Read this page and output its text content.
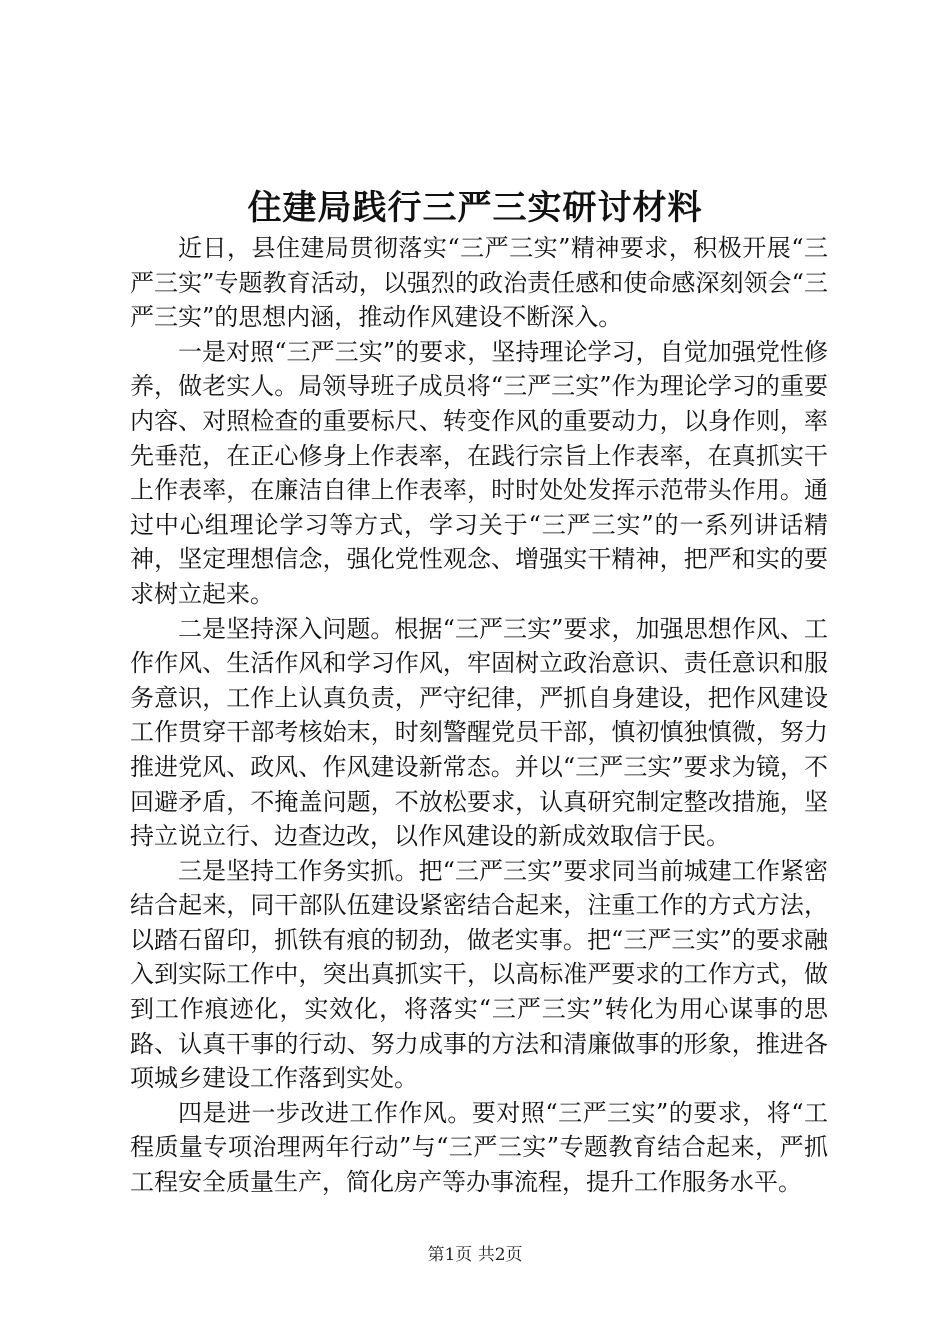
住建局践行三严三实研讨材料

近日，县住建局贯彻落实“三严三实”精神要求，积极开展“三严三实”专题教育活动，以强烈的政治责任感和使命感深刻领会“三严三实”的思想内涵，推动作风建设不断深入。

一是对照“三严三实”的要求，坚持理论学习，自觉加强党性修养，做老实人。局领导班子成员将“三严三实”作为理论学习的重要内容、对照检查的重要标尺、转变作风的重要动力，以身作则，率先垂范，在正心修身上作表率，在践行宗旨上作表率，在真抓实干上作表率，在廉洁自律上作表率，时时处处发挥示范带头作用。通过中心组理论学习等方式，学习关于“三严三实”的一系列讲话精神，坚定理想信念，强化党性观念、增强实干精神，把严和实的要求树立起来。

二是坚持深入问题。根据“三严三实”要求，加强思想作风、工作作风、生活作风和学习作风，牢固树立政治意识、责任意识和服务意识，工作上认真负责，严守纪律，严抓自身建设，把作风建设工作贯穿干部考核始末，时刻警醒党员干部，慎初慎独慎微，努力推进党风、政风、作风建设新常态。并以“三严三实”要求为镜，不回避矛盾，不掩盖问题，不放松要求，认真研究制定整改措施，坚持立说立行、边查边改，以作风建设的新成效取信于民。

三是坚持工作务实抓。把“三严三实”要求同当前城建工作紧密结合起来，同干部队伍建设紧密结合起来，注重工作的方式方法，以踏石留印，抓铁有痕的韧劲，做老实事。把“三严三实”的要求融入到实际工作中，突出真抓实干，以高标准严要求的工作方式，做到工作痕迹化，实效化，将落实“三严三实”转化为用心谋事的思路、认真干事的行动、努力成事的方法和清廉做事的形象，推进各项城乡建设工作落到实处。

四是进一步改进工作作风。要对照“三严三实”的要求，将“工程质量专项治理两年行动”与“三严三实”专题教育结合起来，严抓工程安全质量生产，简化房产等办事流程，提升工作服务水平。

第1页 共2页
